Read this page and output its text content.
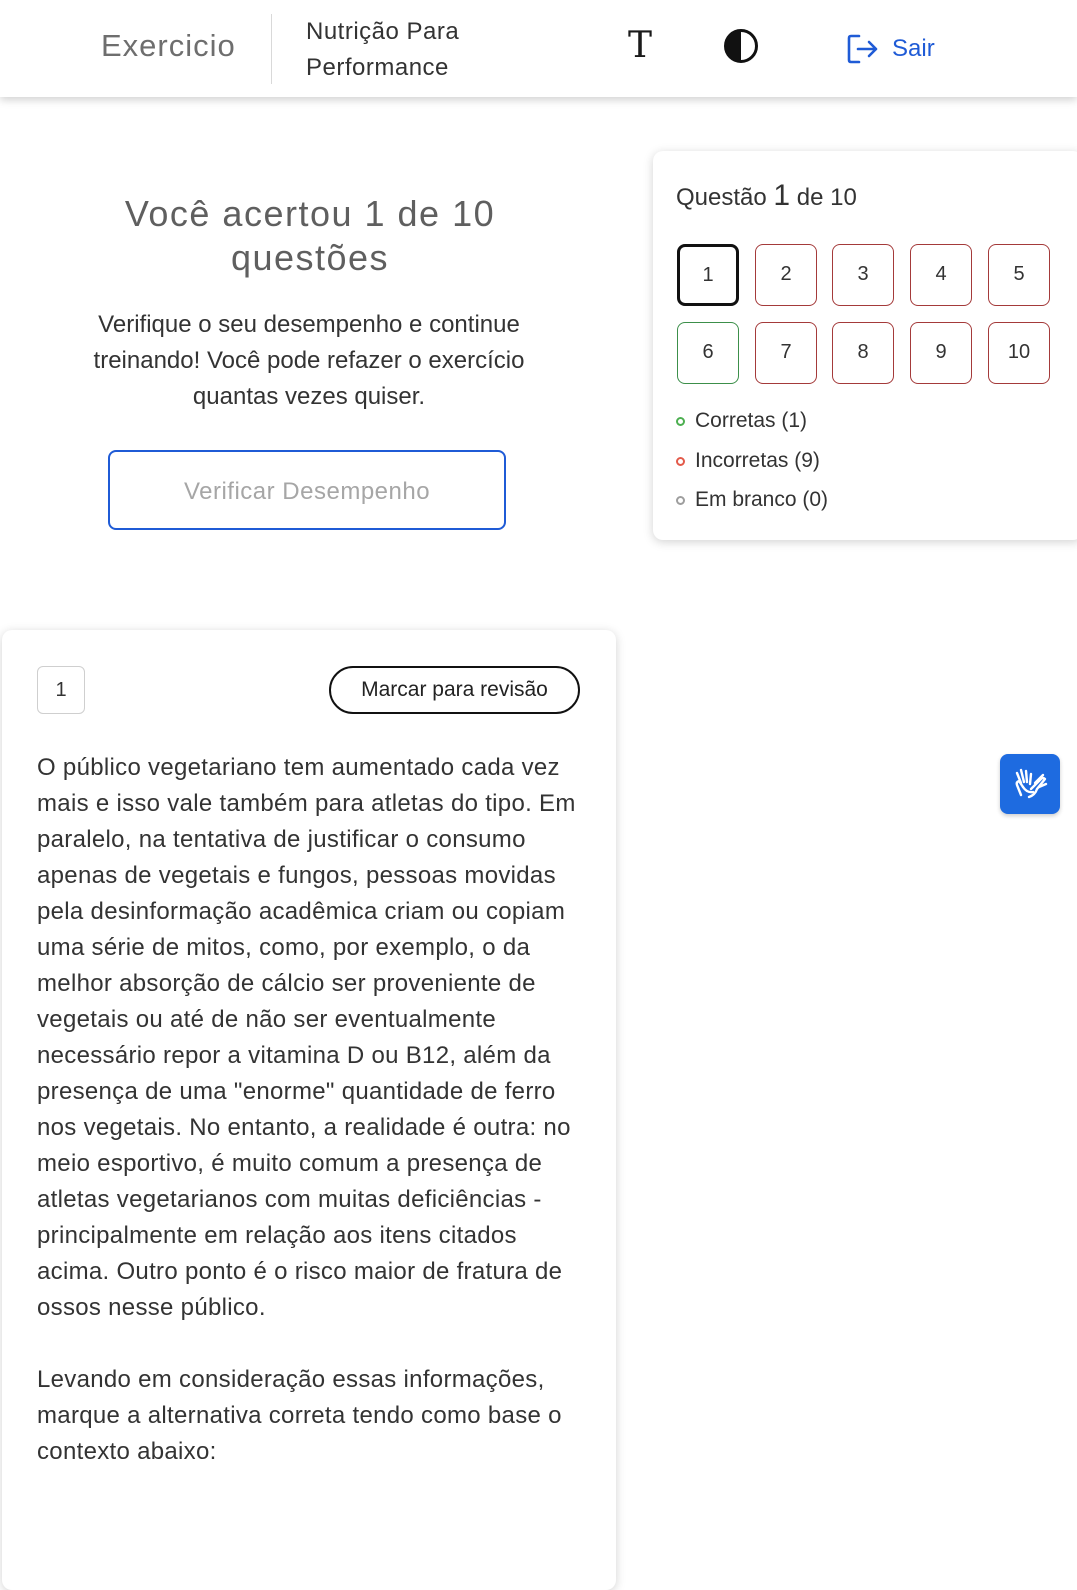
Exercicio	Nutrição Para Performance
T	Sair
Você acertou 1 de 10 questões
Verifique o seu desempenho e continue treinando! Você pode refazer o exercício quantas vezes quiser.
Verificar Desempenho
Questão 1 de 10
1	2	3	4	5
6	7	8	9	10
Corretas (1)
Incorretas (9)
Em branco (0)
1	Marcar para revisão

O público vegetariano tem aumentado cada vez mais e isso vale também para atletas do tipo. Em paralelo, na tentativa de justificar o consumo apenas de vegetais e fungos, pessoas movidas pela desinformação acadêmica criam ou copiam uma série de mitos, como, por exemplo, o da melhor absorção de cálcio ser proveniente de vegetais ou até de não ser eventualmente necessário repor a vitamina D ou B12, além da presença de uma "enorme" quantidade de ferro nos vegetais. No entanto, a realidade é outra: no meio esportivo, é muito comum a presença de atletas vegetarianos com muitas deficiências - principalmente em relação aos itens citados acima. Outro ponto é o risco maior de fratura de ossos nesse público.

Levando em consideração essas informações, marque a alternativa correta tendo como base o contexto abaixo:
